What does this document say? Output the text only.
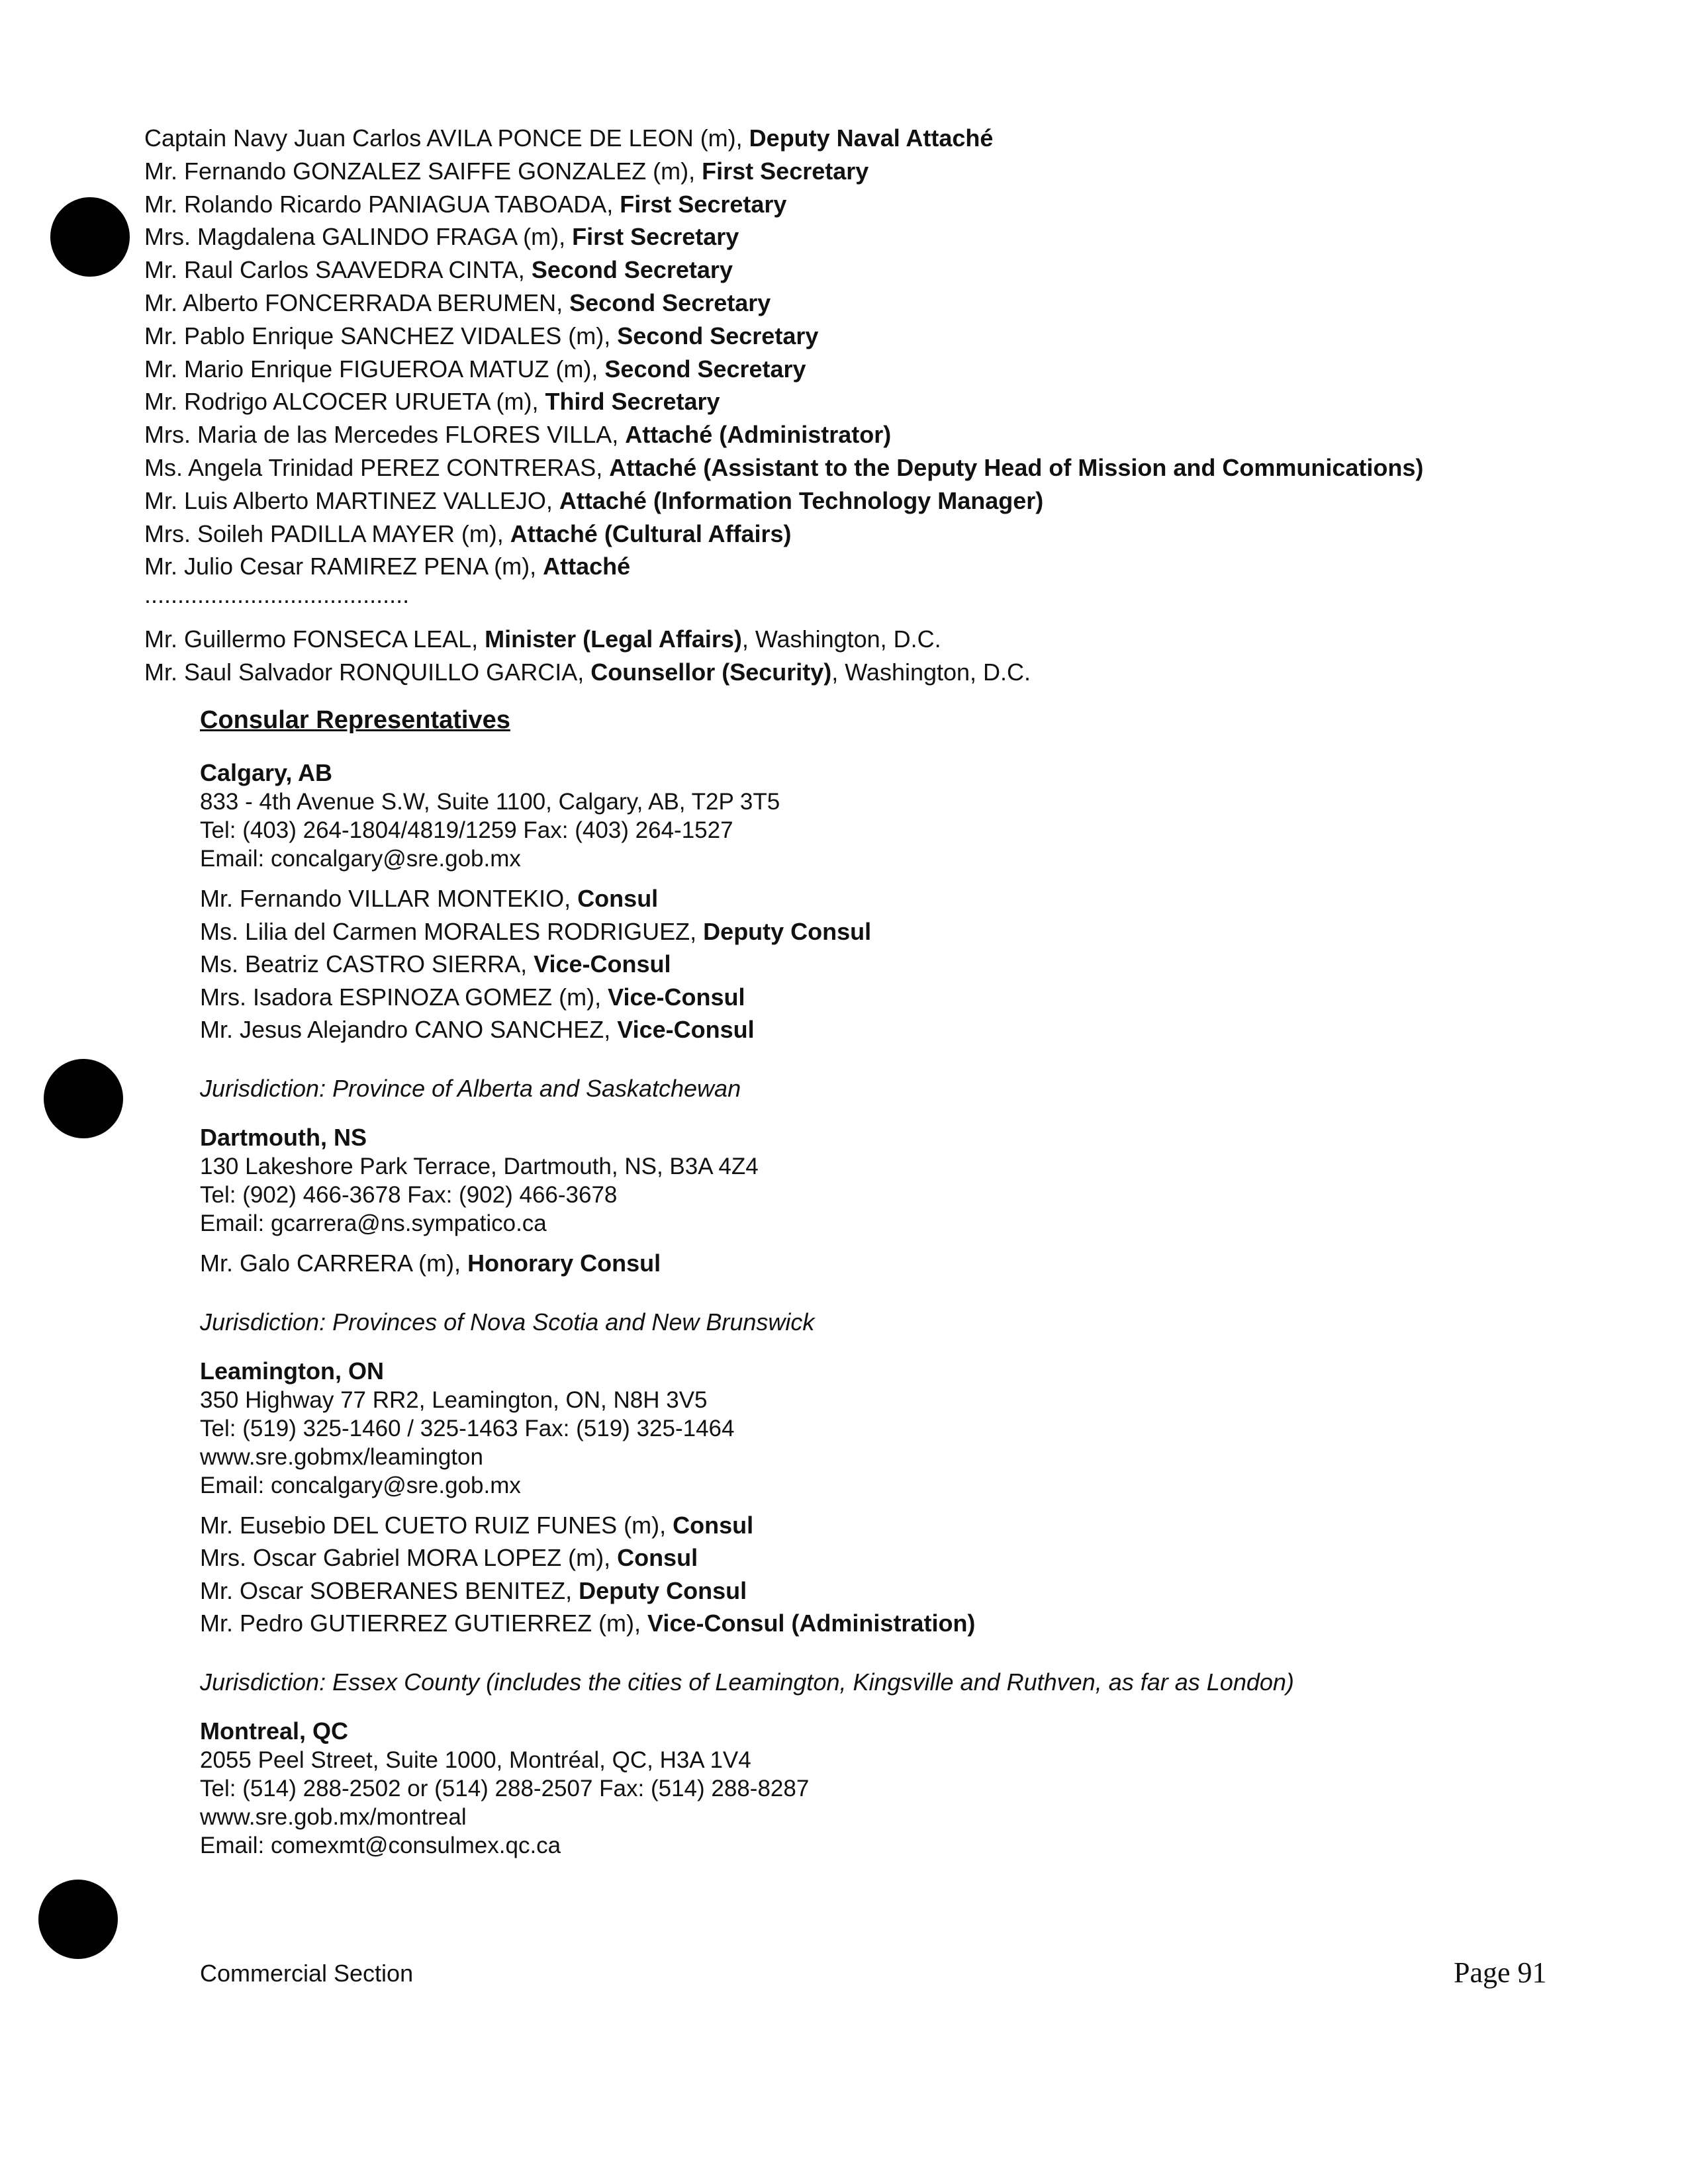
Captain Navy Juan Carlos AVILA PONCE DE LEON (m), Deputy Naval Attaché
Mr. Fernando GONZALEZ SAIFFE GONZALEZ (m), First Secretary
Mr. Rolando Ricardo PANIAGUA TABOADA, First Secretary
Mrs. Magdalena GALINDO FRAGA (m), First Secretary
Mr. Raul Carlos SAAVEDRA CINTA, Second Secretary
Mr. Alberto FONCERRADA BERUMEN, Second Secretary
Mr. Pablo Enrique SANCHEZ VIDALES (m), Second Secretary
Mr. Mario Enrique FIGUEROA MATUZ (m), Second Secretary
Mr. Rodrigo ALCOCER URUETA (m), Third Secretary
Mrs. Maria de las Mercedes FLORES VILLA, Attaché (Administrator)
Ms. Angela Trinidad PEREZ CONTRERAS, Attaché (Assistant to the Deputy Head of Mission and Communications)
Mr. Luis Alberto MARTINEZ VALLEJO, Attaché (Information Technology Manager)
Mrs. Soileh PADILLA MAYER (m), Attaché (Cultural Affairs)
Mr. Julio Cesar RAMIREZ PENA (m), Attaché
........................................
Mr. Guillermo FONSECA LEAL, Minister (Legal Affairs), Washington, D.C.
Mr. Saul Salvador RONQUILLO GARCIA, Counsellor (Security), Washington, D.C.
Consular Representatives
Calgary, AB
833 - 4th Avenue S.W, Suite 1100, Calgary, AB, T2P 3T5
Tel: (403) 264-1804/4819/1259 Fax: (403) 264-1527
Email: concalgary@sre.gob.mx
Mr. Fernando VILLAR MONTEKIO, Consul
Ms. Lilia del Carmen MORALES RODRIGUEZ, Deputy Consul
Ms. Beatriz CASTRO SIERRA, Vice-Consul
Mrs. Isadora ESPINOZA GOMEZ (m), Vice-Consul
Mr. Jesus Alejandro CANO SANCHEZ, Vice-Consul
Jurisdiction: Province of Alberta and Saskatchewan
Dartmouth, NS
130 Lakeshore Park Terrace, Dartmouth, NS, B3A 4Z4
Tel: (902) 466-3678 Fax: (902) 466-3678
Email: gcarrera@ns.sympatico.ca
Mr. Galo CARRERA (m), Honorary Consul
Jurisdiction: Provinces of Nova Scotia and New Brunswick
Leamington, ON
350 Highway 77 RR2, Leamington, ON, N8H 3V5
Tel: (519) 325-1460 / 325-1463 Fax: (519) 325-1464
www.sre.gobmx/leamington
Email: concalgary@sre.gob.mx
Mr. Eusebio DEL CUETO RUIZ FUNES (m), Consul
Mrs. Oscar Gabriel MORA LOPEZ (m), Consul
Mr. Oscar SOBERANES BENITEZ, Deputy Consul
Mr. Pedro GUTIERREZ GUTIERREZ (m), Vice-Consul (Administration)
Jurisdiction: Essex County (includes the cities of Leamington, Kingsville and Ruthven, as far as London)
Montreal, QC
2055 Peel Street, Suite 1000, Montréal, QC, H3A 1V4
Tel: (514) 288-2502 or (514) 288-2507 Fax: (514) 288-8287
www.sre.gob.mx/montreal
Email: comexmt@consulmex.qc.ca
Commercial Section	Page 91
